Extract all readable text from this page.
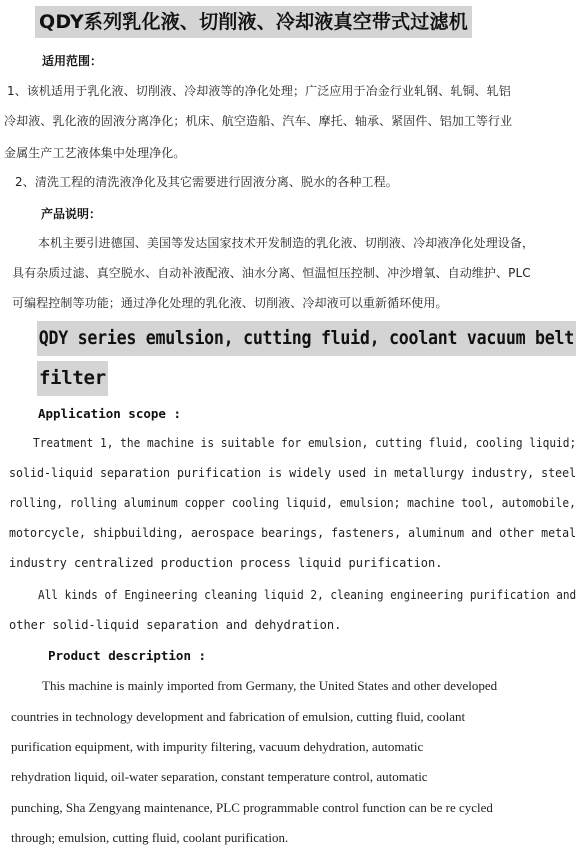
QDY系列乳化液、切削液、冷却液真空带式过滤机
适用范围：
1、该机适用于乳化液、切削液、冷却液等的净化处理；广泛应用于冶金行业轧钢、轧铜、轧铝
冷却液、乳化液的固液分离净化；机床、航空造船、汽车、摩托、轴承、紧固件、铝加工等行业
金属生产工艺液体集中处理净化。
2、清洗工程的清洗液净化及其它需要进行固液分离、脱水的各种工程。
产品说明：
本机主要引进德国、美国等发达国家技术开发制造的乳化液、切削液、冷却液净化处理设备，
具有杂质过滤、真空脱水、自动补液配液、油水分离、恒温恒压控制、冲沙增氧、自动维护、PLC
可编程控制等功能；通过净化处理的乳化液、切削液、冷却液可以重新循环使用。
QDY series emulsion, cutting fluid, coolant vacuum belt
filter
Application scope :
Treatment 1, the machine is suitable for emulsion, cutting fluid, cooling liquid;
solid-liquid separation purification is widely used in metallurgy industry, steel
rolling, rolling aluminum copper cooling liquid, emulsion; machine tool, automobile,
motorcycle, shipbuilding, aerospace bearings, fasteners, aluminum and other metal
industry centralized production process liquid purification.
All kinds of Engineering cleaning liquid 2, cleaning engineering purification and
other solid-liquid separation and dehydration.
Product description :
This machine is mainly imported from Germany, the United States and other developed
countries in technology development and fabrication of emulsion, cutting fluid, coolant
purification equipment, with impurity filtering, vacuum dehydration, automatic
rehydration liquid, oil-water separation, constant temperature control, automatic
punching, Sha Zengyang maintenance, PLC programmable control function can be re cycled
through; emulsion, cutting fluid, coolant purification.
